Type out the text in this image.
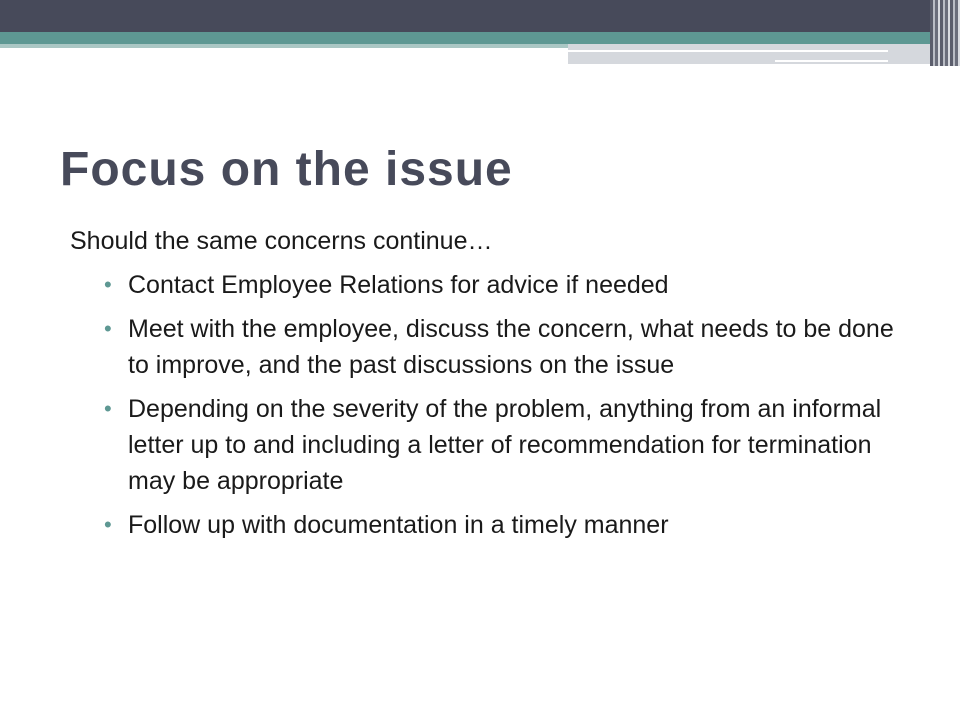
Focus on the issue

Should the same concerns continue…

• Contact Employee Relations for advice if needed
• Meet with the employee, discuss the concern, what needs to be done to improve, and the past discussions on the issue
• Depending on the severity of the problem, anything from an informal letter up to and including a letter of recommendation for termination may be appropriate
• Follow up with documentation in a timely manner
